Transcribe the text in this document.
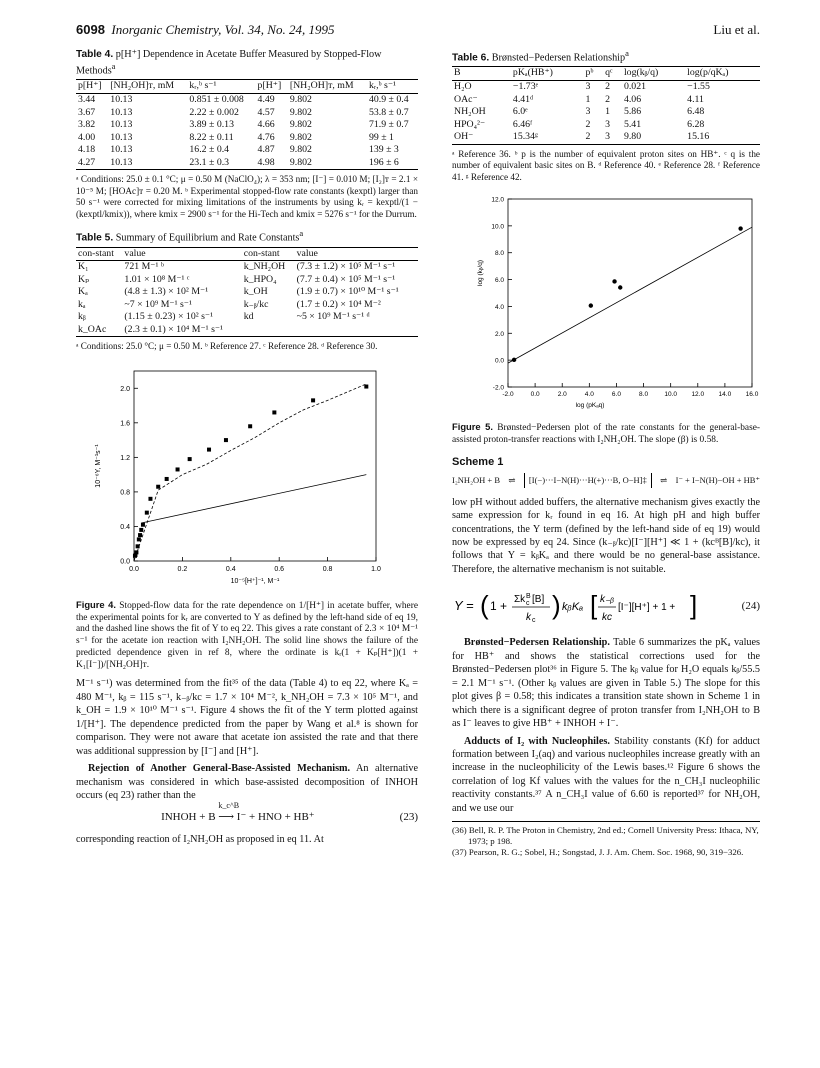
6098 Inorganic Chemistry, Vol. 34, No. 24, 1995	Liu et al.
Table 4. p[H⁺] Dependence in Acetate Buffer Measured by Stopped-Flow Methods$^a$
p[H⁺]	[NH₂OH]ᴛ, mM	kᵣ,ᵇ s⁻¹	p[H⁺]	[NH₂OH]ᴛ, mM	kᵣ,ᵇ s⁻¹
3.44	10.13	0.851 ± 0.008	4.49	9.802	40.9 ± 0.4
3.67	10.13	2.22 ± 0.002	4.57	9.802	53.8 ± 0.7
3.82	10.13	3.89 ± 0.13	4.66	9.802	71.9 ± 0.7
4.00	10.13	8.22 ± 0.11	4.76	9.802	99 ± 1
4.18	10.13	16.2 ± 0.4	4.87	9.802	139 ± 3
4.27	10.13	23.1 ± 0.3	4.98	9.802	196 ± 6
ᵃ Conditions: 25.0 ± 0.1 °C; μ = 0.50 M (NaClO₄); λ = 353 nm; [I⁻] = 0.010 M; [I₂]ᴛ = 2.1 × 10⁻⁵ M; [HOAc]ᴛ = 0.20 M. ᵇ Experimental stopped-flow rate constants (kexptl) larger than 50 s⁻¹ were corrected for mixing limitations of the instruments by using kᵣ = kexptl/(1 − (kexptl/kmix)), where kmix = 2900 s⁻¹ for the Hi-Tech and kmix = 5276 s⁻¹ for the Durrum.
Table 5. Summary of Equilibrium and Rate Constants$^a$
con-stant	value	con-stant	value
K₁	721 M⁻¹ ᵇ	k_NH₂OH	(7.3 ± 1.2) × 10⁵ M⁻¹ s⁻¹
Kₚ	1.01 × 10⁸ M⁻¹ ᶜ	k_HPO₄	(7.7 ± 0.4) × 10⁵ M⁻¹ s⁻¹
Kₐ	(4.8 ± 1.3) × 10² M⁻¹	k_OH	(1.9 ± 0.7) × 10¹⁰ M⁻¹ s⁻¹
kₐ	~7 × 10⁹ M⁻¹ s⁻¹	k₋ᵦ/kc	(1.7 ± 0.2) × 10⁴ M⁻²
kᵦ	(1.15 ± 0.23) × 10² s⁻¹	kd	~5 × 10⁹ M⁻¹ s⁻¹ ᵈ
k_OAc	(2.3 ± 0.1) × 10⁴ M⁻¹ s⁻¹		
ᵃ Conditions: 25.0 °C; μ = 0.50 M. ᵇ Reference 27. ᶜ Reference 28. ᵈ Reference 30.
0.0	0.2	0.4	0.6	0.8	1.0
0.0
0.4
0.8
1.2
1.6
2.0
10⁻⁵[H⁺]⁻¹, M⁻¹
10⁻⁶Y, M⁻¹s⁻¹
Figure 4. Stopped-flow data for the rate dependence on 1/[H⁺] in acetate buffer, where the experimental points for kᵣ are converted to Y as defined by the left-hand side of eq 19, and the dashed line shows the fit of Y to eq 22. This gives a rate constant of 2.3 × 10⁴ M⁻¹ s⁻¹ for the acetate ion reaction with I₂NH₂OH. The solid line shows the failure of the predicted dependence given in ref 8, where the ordinate is kᵣ(1 + Kₚ[H⁺])(1 + K₁[I⁻])/[NH₂OH]ᴛ.

M⁻¹ s⁻¹) was determined from the fit³⁵ of the data (Table 4) to eq 22, where Kₐ = 480 M⁻¹, kᵦ = 115 s⁻¹, k₋ᵦ/kc = 1.7 × 10⁴ M⁻², k_NH₂OH = 7.3 × 10⁵ M⁻¹, and k_OH = 1.9 × 10¹⁰ M⁻¹ s⁻¹. Figure 4 shows the fit of the Y term plotted against 1/[H⁺]. The dependence predicted from the paper by Wang et al.⁸ is shown for comparison. They were not aware that acetate ion assisted the rate and that there was additional suppression by [I⁻] and [H⁺].

Rejection of Another General-Base-Assisted Mechanism. An alternative mechanism was considered in which base-assisted decomposition of INHOH occurs (eq 23) rather than the

INHOH + B ⟶ I⁻ + HNO + HB⁺
k_c^B
(23)

corresponding reaction of I₂NH₂OH as proposed in eq 11. At

Table 6. Brønsted−Pedersen Relationship$^a$
B	pKₐ(HB⁺)	pᵇ	qᶜ	log(kᵦ/q)	log(p/qKₐ)
H₂O	−1.73ᵉ	3	2	0.021	−1.55
OAc⁻	4.41ᵈ	1	2	4.06	4.11
NH₂OH	6.0ᵉ	3	1	5.86	6.48
HPO₄²⁻	6.46ᶠ	2	3	5.41	6.28
OH⁻	15.34ᵍ	2	3	9.80	15.16
ᵃ Reference 36. ᵇ p is the number of equivalent proton sites on HB⁺. ᶜ q is the number of equivalent basic sites on B. ᵈ Reference 40. ᵉ Reference 28. ᶠ Reference 41. ᵍ Reference 42.
-2.0	0.0	2.0	4.0	6.0	8.0	10.0 12.0 14.0 16.0
-2.0
0.0
2.0
4.0
6.0
8.0
10.0
12.0
log (pKₐq)
log (kᵦ/q)
Figure 5. Brønsted−Pedersen plot of the rate constants for the general-base-assisted proton-transfer reactions with I₂NH₂OH. The slope (β) is 0.58.
Scheme 1
I₂NH₂OH + B ⇌	[I(−)···I−N(H)···H(+)···B, O−H]‡	⇌ I⁻ + I−N(H)−OH + HB⁺

low pH without added buffers, the alternative mechanism gives exactly the same expression for kᵣ found in eq 16. At high pH and high buffer concentrations, the Y term (defined by the left-hand side of eq 19) would now be expressed by eq 24. Since (k₋ᵦ/kc)[I⁻][H⁺] ≪ 1 + (kcᴮ[B]/kc), it follows that Y = kᵦKₐ and there would be no general-base assistance. Therefore, the alternative mechanism is not suitable.

Y = ( 1 + Σk B
c [B]
k c
) kᵦKₐ [ k₋ᵦ
kc
[I⁻][H⁺] + 1 + ]	(24)

Brønsted−Pedersen Relationship. Table 6 summarizes the pKₐ values for HB⁺ and shows the statistical corrections used for the Brønsted−Pedersen plot³⁶ in Figure 5. The kᵦ value for H₂O equals kᵦ/55.5 = 2.1 M⁻¹ s⁻¹. (Other kᵦ values are given in Table 5.) The slope for this plot gives β = 0.58; this indicates a transition state shown in Scheme 1 in which there is a significant degree of proton transfer from I₂NH₂OH to B as I⁻ leaves to give HB⁺ + INHOH + I⁻.

Adducts of I₂ with Nucleophiles. Stability constants (Kf) for adduct formation between I₂(aq) and various nucleophiles increase greatly with an increase in the nucleophilicity of the Lewis bases.¹² Figure 6 shows the correlation of log Kf values with the values for the n_CH₃I nucleophilic reactivity constants.³⁷ A n_CH₃I value of 6.60 is reported³⁷ for NH₂OH, and we use our

(36) Bell, R. P. The Proton in Chemistry, 2nd ed.; Cornell University Press: Ithaca, NY, 1973; p 198.
(37) Pearson, R. G.; Sobel, H.; Songstad, J. J. Am. Chem. Soc. 1968, 90, 319−326.
